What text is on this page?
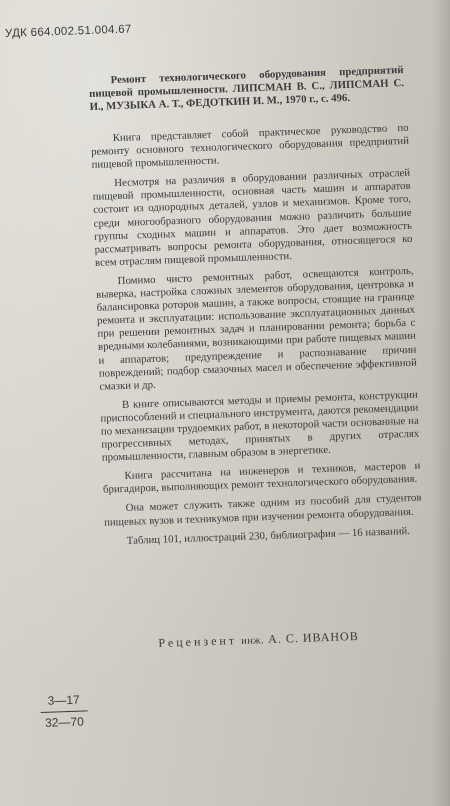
УДК 664.002.51.004.67
Ремонт технологического оборудования предприятий пищевой промышленности. ЛИПСМАН В. С., ЛИПСМАН С. И., МУЗЫКА А. Т., ФЕДОТКИН И. М., 1970 г., с. 496.

Книга представляет собой практическое руководство по ремонту основного технологического оборудования предприятий пищевой промышленности.

Несмотря на различия в оборудовании различных отраслей пищевой промышленности, основная часть машин и аппаратов состоит из однородных деталей, узлов и механизмов. Кроме того, среди многообразного оборудования можно различить большие группы сходных машин и аппаратов. Это дает возможность рассматривать вопросы ремонта оборудования, относящегося ко всем отраслям пищевой промышленности.

Помимо чисто ремонтных работ, освещаются контроль, выверка, настройка сложных элементов оборудования, центровка и балансировка роторов машин, а также вопросы, стоящие на границе ремонта и эксплуатации: использование эксплуатационных данных при решении ремонтных задач и планировании ремонта; борьба с вредными колебаниями, возникающими при работе пищевых машин и аппаратов; предупреждение и распознавание причин повреждений; подбор смазочных масел и обеспечение эффективной смазки и др.

В книге описываются методы и приемы ремонта, конструкции приспособлений и специального инструмента, даются рекомендации по механизации трудоемких работ, в некоторой части основанные на прогрессивных методах, принятых в других отраслях промышленности, главным образом в энергетике.

Книга рассчитана на инженеров и техников, мастеров и бригадиров, выполняющих ремонт технологического оборудования.

Она может служить также одним из пособий для студентов пищевых вузов и техникумов при изучении ремонта оборудования.

Таблиц 101, иллюстраций 230, библиография — 16 названий.

Рецензент инж. А. С. ИВАНОВ
3—17
32—70
